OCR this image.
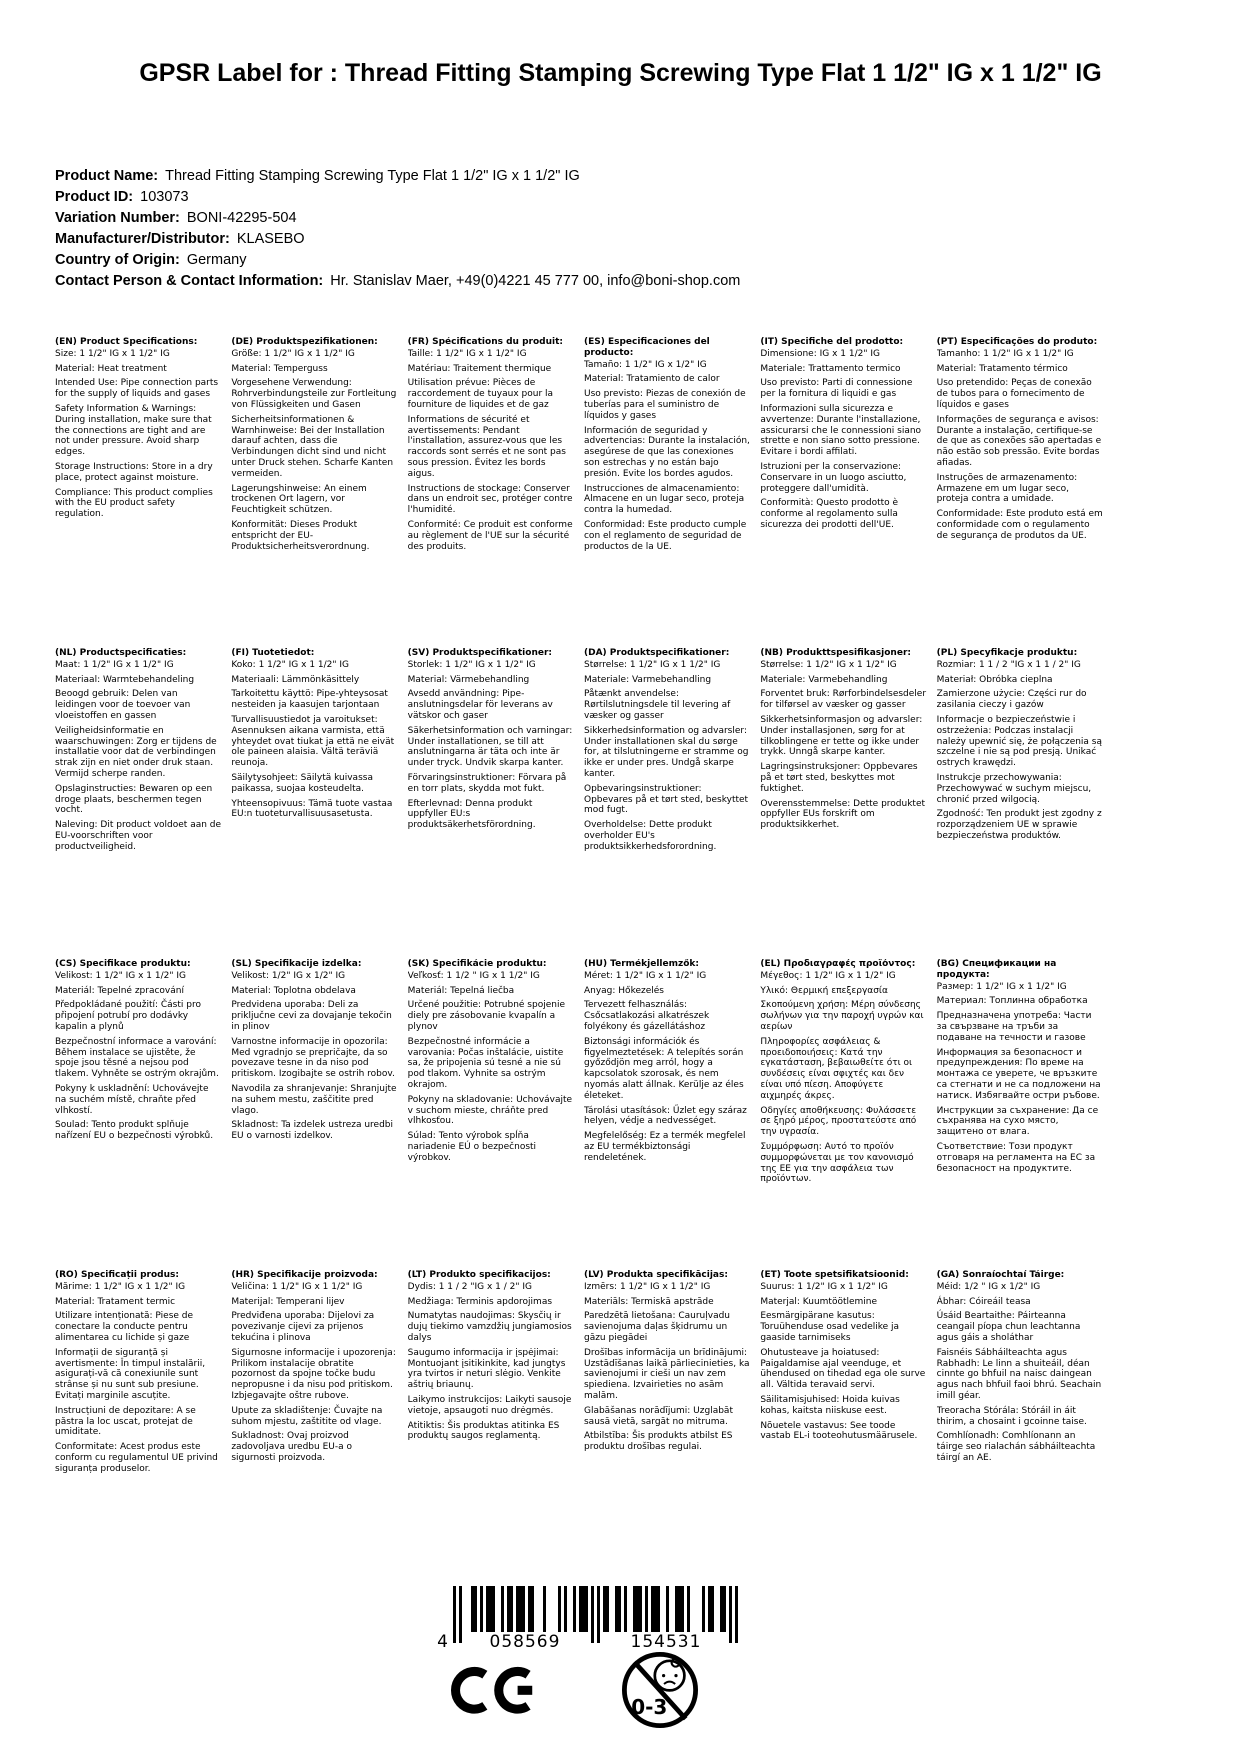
GPSR Label for : Thread Fitting Stamping Screwing Type Flat 1 1/2" IG x 1 1/2" IG
Product Name: Thread Fitting Stamping Screwing Type Flat 1 1/2" IG x 1 1/2" IG
Product ID: 103073
Variation Number: BONI-42295-504
Manufacturer/Distributor: KLASEBO
Country of Origin: Germany
Contact Person & Contact Information: Hr. Stanislav Maer, +49(0)4221 45 777 00, info@boni-shop.com
(EN) Product Specifications:

Size: 1 1/2" IG x 1 1/2" IG

Material: Heat treatment

Intended Use: Pipe connection parts for the supply of liquids and gases

Safety Information & Warnings: During installation, make sure that the connections are tight and are not under pressure. Avoid sharp edges.

Storage Instructions: Store in a dry place, protect against moisture.

Compliance: This product complies with the EU product safety regulation.

(DE) Produktspezifikationen:

Größe: 1 1/2" IG x 1 1/2" IG

Material: Temperguss

Vorgesehene Verwendung: Rohrverbindungsteile zur Fortleitung von Flüssigkeiten und Gasen

Sicherheitsinformationen & Warnhinweise: Bei der Installation darauf achten, dass die Verbindungen dicht sind und nicht unter Druck stehen. Scharfe Kanten vermeiden.

Lagerungshinweise: An einem trockenen Ort lagern, vor Feuchtigkeit schützen.

Konformität: Dieses Produkt entspricht der EU-Produktsicherheitsverordnung.

(FR) Spécifications du produit:

Taille: 1 1/2" IG x 1 1/2" IG

Matériau: Traitement thermique

Utilisation prévue: Pièces de raccordement de tuyaux pour la fourniture de liquides et de gaz

Informations de sécurité et avertissements: Pendant l'installation, assurez-vous que les raccords sont serrés et ne sont pas sous pression. Évitez les bords aigus.

Instructions de stockage: Conserver dans un endroit sec, protéger contre l'humidité.

Conformité: Ce produit est conforme au règlement de l'UE sur la sécurité des produits.

(ES) Especificaciones del producto:

Tamaño: 1 1/2" IG x 1/2" IG

Material: Tratamiento de calor

Uso previsto: Piezas de conexión de tuberías para el suministro de líquidos y gases

Información de seguridad y advertencias: Durante la instalación, asegúrese de que las conexiones son estrechas y no están bajo presión. Evite los bordes agudos.

Instrucciones de almacenamiento: Almacene en un lugar seco, proteja contra la humedad.

Conformidad: Este producto cumple con el reglamento de seguridad de productos de la UE.

(IT) Specifiche del prodotto:

Dimensione: IG x 1 1/2" IG

Materiale: Trattamento termico

Uso previsto: Parti di connessione per la fornitura di liquidi e gas

Informazioni sulla sicurezza e avvertenze: Durante l'installazione, assicurarsi che le connessioni siano strette e non siano sotto pressione. Evitare i bordi affilati.

Istruzioni per la conservazione: Conservare in un luogo asciutto, proteggere dall'umidità.

Conformità: Questo prodotto è conforme al regolamento sulla sicurezza dei prodotti dell'UE.

(PT) Especificações do produto:

Tamanho: 1 1/2" IG x 1 1/2" IG

Material: Tratamento térmico

Uso pretendido: Peças de conexão de tubos para o fornecimento de líquidos e gases

Informações de segurança e avisos: Durante a instalação, certifique-se de que as conexões são apertadas e não estão sob pressão. Evite bordas afiadas.

Instruções de armazenamento: Armazene em um lugar seco, proteja contra a umidade.

Conformidade: Este produto está em conformidade com o regulamento de segurança de produtos da UE.

(NL) Productspecificaties:

Maat: 1 1/2" IG x 1 1/2" IG

Materiaal: Warmtebehandeling

Beoogd gebruik: Delen van leidingen voor de toevoer van vloeistoffen en gassen

Veiligheidsinformatie en waarschuwingen: Zorg er tijdens de installatie voor dat de verbindingen strak zijn en niet onder druk staan. Vermijd scherpe randen.

Opslaginstructies: Bewaren op een droge plaats, beschermen tegen vocht.

Naleving: Dit product voldoet aan de EU-voorschriften voor productveiligheid.

(FI) Tuotetiedot:

Koko: 1 1/2" IG x 1 1/2" IG

Materiaali: Lämmönkäsittely

Tarkoitettu käyttö: Pipe-yhteysosat nesteiden ja kaasujen tarjontaan

Turvallisuustiedot ja varoitukset: Asennuksen aikana varmista, että yhteydet ovat tiukat ja että ne eivät ole paineen alaisia. Vältä teräviä reunoja.

Säilytysohjeet: Säilytä kuivassa paikassa, suojaa kosteudelta.

Yhteensopivuus: Tämä tuote vastaa EU:n tuoteturvallisuusasetusta.

(SV) Produktspecifikationer:

Storlek: 1 1/2" IG x 1 1/2" IG

Material: Värmebehandling

Avsedd användning: Pipe-anslutningsdelar för leverans av vätskor och gaser

Säkerhetsinformation och varningar: Under installationen, se till att anslutningarna är täta och inte är under tryck. Undvik skarpa kanter.

Förvaringsinstruktioner: Förvara på en torr plats, skydda mot fukt.

Efterlevnad: Denna produkt uppfyller EU:s produktsäkerhetsförordning.

(DA) Produktspecifikationer:

Størrelse: 1 1/2" IG x 1 1/2" IG

Materiale: Varmebehandling

Påtænkt anvendelse: Rørtilslutningsdele til levering af væsker og gasser

Sikkerhedsinformation og advarsler: Under installationen skal du sørge for, at tilslutningerne er stramme og ikke er under pres. Undgå skarpe kanter.

Opbevaringsinstruktioner: Opbevares på et tørt sted, beskyttet mod fugt.

Overholdelse: Dette produkt overholder EU's produktsikkerhedsforordning.

(NB) Produkttspesifikasjoner:

Størrelse: 1 1/2" IG x 1 1/2" IG

Materiale: Varmebehandling

Forventet bruk: Rørforbindelsesdeler for tilførsel av væsker og gasser

Sikkerhetsinformasjon og advarsler: Under installasjonen, sørg for at tilkoblingene er tette og ikke under trykk. Unngå skarpe kanter.

Lagringsinstruksjoner: Oppbevares på et tørt sted, beskyttes mot fuktighet.

Overensstemmelse: Dette produktet oppfyller EUs forskrift om produktsikkerhet.

(PL) Specyfikacje produktu:

Rozmiar: 1 1 / 2 "IG x 1 1 / 2" IG

Materiał: Obróbka cieplna

Zamierzone użycie: Części rur do zasilania cieczy i gazów

Informacje o bezpieczeństwie i ostrzeżenia: Podczas instalacji należy upewnić się, że połączenia są szczelne i nie są pod presją. Unikać ostrych krawędzi.

Instrukcje przechowywania: Przechowywać w suchym miejscu, chronić przed wilgocią.

Zgodność: Ten produkt jest zgodny z rozporządzeniem UE w sprawie bezpieczeństwa produktów.

(CS) Specifikace produktu:

Velikost: 1 1/2" IG x 1 1/2" IG

Materiál: Tepelné zpracování

Předpokládané použití: Části pro připojení potrubí pro dodávky kapalin a plynů

Bezpečnostní informace a varování: Během instalace se ujistěte, že spoje jsou těsné a nejsou pod tlakem. Vyhněte se ostrým okrajům.

Pokyny k uskladnění: Uchovávejte na suchém místě, chraňte před vlhkostí.

Soulad: Tento produkt splňuje nařízení EU o bezpečnosti výrobků.

(SL) Specifikacije izdelka:

Velikost: 1/2" IG x 1/2" IG

Material: Toplotna obdelava

Predvidena uporaba: Deli za priključne cevi za dovajanje tekočin in plinov

Varnostne informacije in opozorila: Med vgradnjo se prepričajte, da so povezave tesne in da niso pod pritiskom. Izogibajte se ostrih robov.

Navodila za shranjevanje: Shranjujte na suhem mestu, zaščitite pred vlago.

Skladnost: Ta izdelek ustreza uredbi EU o varnosti izdelkov.

(SK) Špecifikácie produktu:

Veľkosť: 1 1/2 " IG x 1 1/2" IG

Materiál: Tepelná liečba

Určené použitie: Potrubné spojenie diely pre zásobovanie kvapalín a plynov

Bezpečnostné informácie a varovania: Počas inštalácie, uistite sa, že pripojenia sú tesné a nie sú pod tlakom. Vyhnite sa ostrým okrajom.

Pokyny na skladovanie: Uchovávajte v suchom mieste, chráňte pred vlhkosťou.

Súlad: Tento výrobok spĺňa nariadenie EÚ o bezpečnosti výrobkov.

(HU) Termékjellemzők:

Méret: 1 1/2" IG x 1 1/2" IG

Anyag: Hőkezelés

Tervezett felhasználás: Csőcsatlakozási alkatrészek folyékony és gázellátáshoz

Biztonsági információk és figyelmeztetések: A telepítés során győződjön meg arról, hogy a kapcsolatok szorosak, és nem nyomás alatt állnak. Kerülje az éles életeket.

Tárolási utasítások: Űzlet egy száraz helyen, védje a nedvességet.

Megfelelőség: Ez a termék megfelel az EU termékbiztonsági rendeletének.

(EL) Προδιαγραφές προϊόντος:

Μέγεθος: 1 1/2" IG x 1 1/2" IG

Υλικό: Θερμική επεξεργασία

Σκοπούμενη χρήση: Μέρη σύνδεσης σωλήνων για την παροχή υγρών και αερίων

Πληροφορίες ασφάλειας & προειδοποιήσεις: Κατά την εγκατάσταση, βεβαιωθείτε ότι οι συνδέσεις είναι σφιχτές και δεν είναι υπό πίεση. Αποφύγετε αιχμηρές άκρες.

Οδηγίες αποθήκευσης: Φυλάσσετε σε ξηρό μέρος, προστατεύστε από την υγρασία.

Συμμόρφωση: Αυτό το προϊόν συμμορφώνεται με τον κανονισμό της ΕΕ για την ασφάλεια των προϊόντων.

(BG) Спецификации на продукта:

Размер: 1 1/2" IG x 1 1/2" IG

Материал: Топлинна обработка

Предназначена употреба: Части за свързване на тръби за подаване на течности и газове

Информация за безопасност и предупреждения: По време на монтажа се уверете, че връзките са стегнати и не са подложени на натиск. Избягвайте остри ръбове.

Инструкции за съхранение: Да се съхранява на сухо място, защитено от влага.

Съответствие: Този продукт отговаря на регламента на ЕС за безопасност на продуктите.

(RO) Specificații produs:

Mărime: 1 1/2" IG x 1 1/2" IG

Material: Tratament termic

Utilizare intenționată: Piese de conectare la conducte pentru alimentarea cu lichide și gaze

Informații de siguranță și avertismente: În timpul instalării, asigurați-vă că conexiunile sunt strânse și nu sunt sub presiune. Evitați marginile ascuțite.

Instrucțiuni de depozitare: A se păstra la loc uscat, protejat de umiditate.

Conformitate: Acest produs este conform cu regulamentul UE privind siguranța produselor.

(HR) Specifikacije proizvoda:

Veličina: 1 1/2" IG x 1 1/2" IG

Materijal: Temperani lijev

Predviđena uporaba: Dijelovi za povezivanje cijevi za prijenos tekućina i plinova

Sigurnosne informacije i upozorenja: Prilikom instalacije obratite pozornost da spojne točke budu nepropusne i da nisu pod pritiskom. Izbjegavajte oštre rubove.

Upute za skladištenje: Čuvajte na suhom mjestu, zaštitite od vlage.

Sukladnost: Ovaj proizvod zadovoljava uredbu EU-a o sigurnosti proizvoda.

(LT) Produkto specifikacijos:

Dydis: 1 1 / 2 "IG x 1 / 2" IG

Medžiaga: Terminis apdorojimas

Numatytas naudojimas: Skysčių ir dujų tiekimo vamzdžių jungiamosios dalys

Saugumo informacija ir įspėjimai: Montuojant įsitikinkite, kad jungtys yra tvirtos ir neturi slėgio. Venkite aštrių briaunų.

Laikymo instrukcijos: Laikyti sausoje vietoje, apsaugoti nuo drėgmės.

Atitiktis: Šis produktas atitinka ES produktų saugos reglamentą.

(LV) Produkta specifikācijas:

Izmērs: 1 1/2" IG x 1 1/2" IG

Materiāls: Termiskā apstrāde

Paredzētā lietošana: Cauruļvadu savienojuma daļas šķidrumu un gāzu piegādei

Drošības informācija un brīdinājumi: Uzstādīšanas laikā pārliecinieties, ka savienojumi ir cieši un nav zem spiediena. Izvairieties no asām malām.

Glabāšanas norādījumi: Uzglabāt sausā vietā, sargāt no mitruma.

Atbilstība: Šis produkts atbilst ES produktu drošības regulai.

(ET) Toote spetsifikatsioonid:

Suurus: 1 1/2" IG x 1 1/2" IG

Materjal: Kuumtöötlemine

Eesmärgipärane kasutus: Toruühenduse osad vedelike ja gaaside tarnimiseks

Ohutusteave ja hoiatused: Paigaldamise ajal veenduge, et ühendused on tihedad ega ole surve all. Vältida teravaid servi.

Säilitamisjuhised: Hoida kuivas kohas, kaitsta niiskuse eest.

Nõuetele vastavus: See toode vastab EL-i tooteohutusmäärusele.

(GA) Sonraíochtaí Táirge:

Méid: 1/2 " IG x 1/2" IG

Ábhar: Cóireáil teasa

Úsáid Beartaithe: Páirteanna ceangail píopa chun leachtanna agus gáis a sholáthar

Faisnéis Sábháilteachta agus Rabhadh: Le linn a shuiteáil, déan cinnte go bhfuil na naisc daingean agus nach bhfuil faoi bhrú. Seachain imill géar.

Treoracha Stórála: Stóráil in áit thirim, a chosaint i gcoinne taise.

Comhlíonadh: Comhlíonann an táirge seo rialachán sábháilteachta táirgí an AE.

4 058569	154531
0-3
